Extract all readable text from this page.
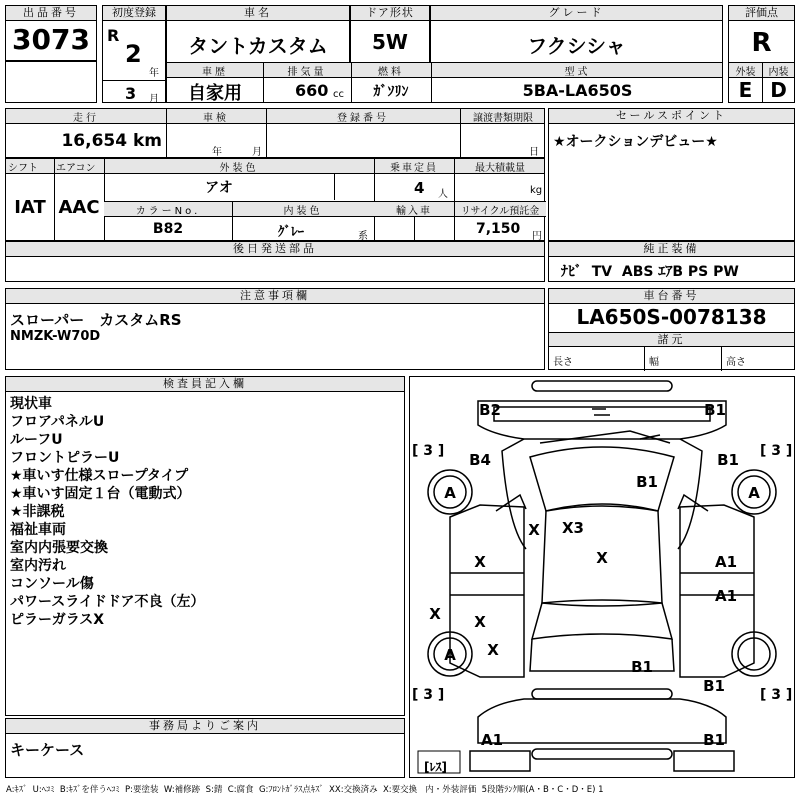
出品番号
3073
初度登録
R
2
年
3 月
車名
タントカスタム
ドア形状
5W
グレード
フクシシャ
評価点
R
車歴
自家用
排気量
660 cc
燃料
ｶﾞｿﾘﾝ
型式
5BA-LA650S
外装	内装
E D
走行
16,654 km
車検
年	月
登録番号	譲渡書類期限
日
セールスポイント
★オークションデビュー★
シフト
IAT
エアコン
AAC
外装色
アオ
乗車定員
4 人
最大積載量
kg
カラーNo.
B82
内装色
ｸﾞﾚｰ	系
輸入車	リサイクル預託金
7,150 円
後日発送部品	純正装備
ﾅﾋﾞ  TV  ABS ｴｱB PS PW
注意事項欄
スローパー　カスタムRS
NMZK-W70D
車台番号
LA650S-0078138
諸元
長さ	幅	高さ
検査員記入欄
現状車
フロアパネルU
ルーフU
フロントピラーU
★車いす仕様スロープタイプ
★車いす固定１台（電動式）
★非課税
福祉車両
室内内張要交換
室内汚れ
コンソール傷
パワースライドドア不良（左）
ピラーガラスX
事務局よりご案内
キーケース
B2	B1
B4	B1
B1
X X3
X
X	A1
A1
X X
X
B1
B1
A1	B1
A	A
A
[ 3 ]	[ 3 ]
[ 3 ]	[ 3 ]
[ﾚｽ]
A:ｷｽﾞ  U:ﾍｺﾐ  B:ｷｽﾞを伴うﾍｺﾐ  P:要塗装  W:補修跡  S:錆  C:腐食  G:ﾌﾛﾝﾄｶﾞﾗｽ点ｷｽﾞ  XX:交換済み  X:要交換   内・外装評価  5段階ﾗﾝｸ順(A・B・C・D・E) 1
